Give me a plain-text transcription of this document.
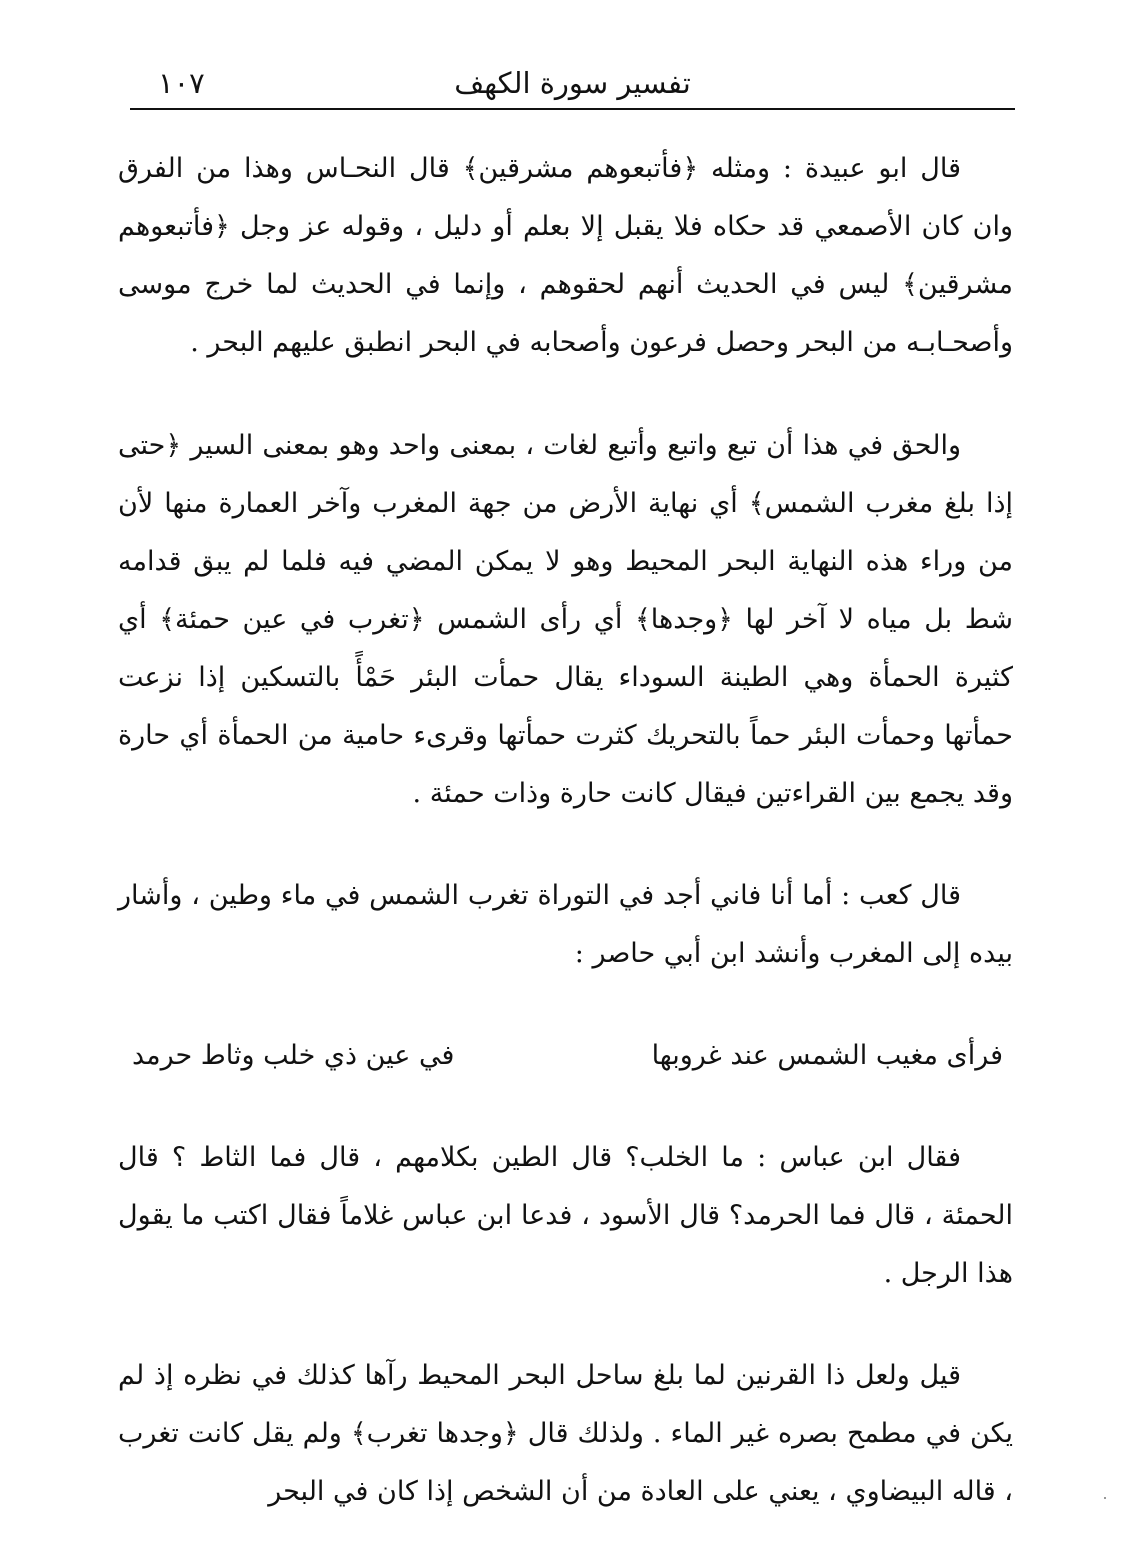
تفسير سورة الكهف
١٠٧

قال ابو عبيدة : ومثله ﴿فأتبعوهم مشرقين﴾ قال النحـاس وهذا من الفرق وان كان الأصمعي قد حكاه فلا يقبل إلا بعلم أو دليل ، وقوله عز وجل ﴿فأتبعوهم مشرقين﴾ ليس في الحديث أنهم لحقوهم ، وإنما في الحديث لما خرج موسى وأصحـابـه من البحر وحصل فرعون وأصحابه في البحر انطبق عليهم البحر .

والحق في هذا أن تبع واتبع وأتبع لغات ، بمعنى واحد وهو بمعنى السير ﴿حتى إذا بلغ مغرب الشمس﴾ أي نهاية الأرض من جهة المغرب وآخر العمارة منها لأن من وراء هذه النهاية البحر المحيط وهو لا يمكن المضي فيه فلما لم يبق قدامه شط بل مياه لا آخر لها ﴿وجدها﴾ أي رأى الشمس ﴿تغرب في عين حمئة﴾ أي كثيرة الحمأة وهي الطينة السوداء يقال حمأت البئر حَمْأً بالتسكين إذا نزعت حمأتها وحمأت البئر حماً بالتحريك كثرت حمأتها وقرىء حامية من الحمأة أي حارة وقد يجمع بين القراءتين فيقال كانت حارة وذات حمئة .

قال كعب : أما أنا فاني أجد في التوراة تغرب الشمس في ماء وطين ، وأشار بيده إلى المغرب وأنشد ابن أبي حاصر :

فرأى مغيب الشمس عند غروبها
في عين ذي خلب وثاط حرمد

فقال ابن عباس : ما الخلب؟ قال الطين بكلامهم ، قال فما الثاط ؟ قال الحمئة ، قال فما الحرمد؟ قال الأسود ، فدعا ابن عباس غلاماً فقال اكتب ما يقول هذا الرجل .

قيل ولعل ذا القرنين لما بلغ ساحل البحر المحيط رآها كذلك في نظره إذ لم يكن في مطمح بصره غير الماء . ولذلك قال ﴿وجدها تغرب﴾ ولم يقل كانت تغرب ، قاله البيضاوي ، يعني على العادة من أن الشخص إذا كان في البحر
